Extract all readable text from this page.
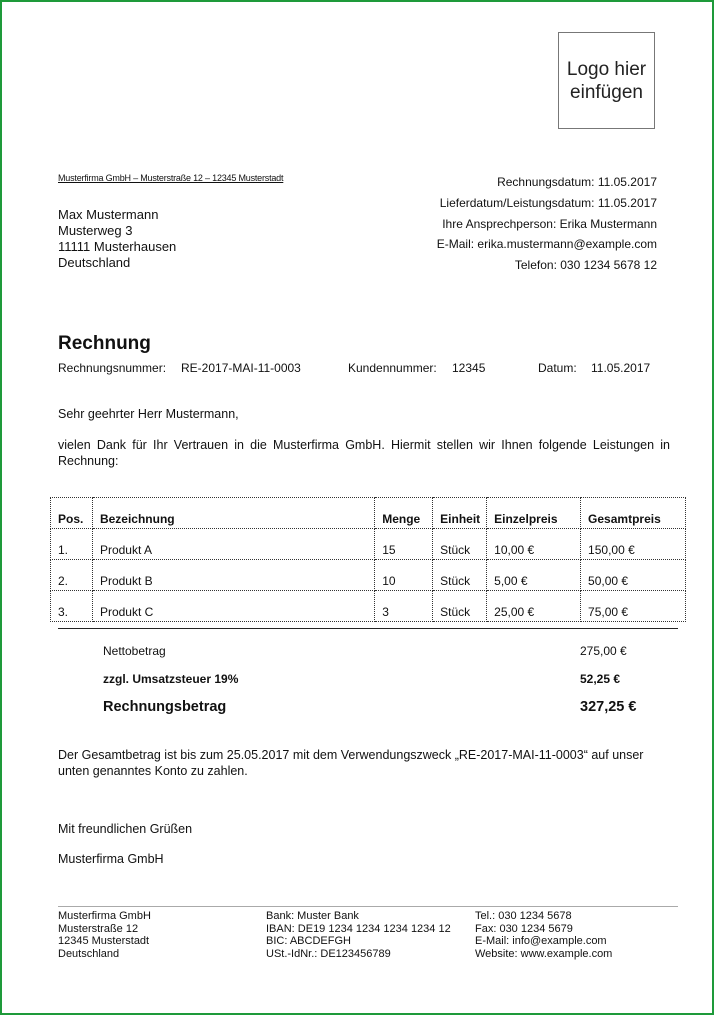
Logo hier einfügen
Musterfirma GmbH – Musterstraße 12 – 12345 Musterstadt
Max Mustermann
Musterweg 3
11111 Musterhausen
Deutschland
Rechnungsdatum: 11.05.2017
Lieferdatum/Leistungsdatum: 11.05.2017
Ihre Ansprechperson: Erika Mustermann
E-Mail: erika.mustermann@example.com
Telefon: 030 1234 5678 12
Rechnung
Rechnungsnummer: RE-2017-MAI-11-0003	Kundennummer: 12345	Datum: 11.05.2017
Sehr geehrter Herr Mustermann,
vielen Dank für Ihr Vertrauen in die Musterfirma GmbH. Hiermit stellen wir Ihnen folgende Leistungen in Rechnung:
Pos.	Bezeichnung	Menge	Einheit	Einzelpreis	Gesamtpreis
1.	Produkt A	15	Stück	10,00 €	150,00 €
2.	Produkt B	10	Stück	5,00 €	50,00 €
3.	Produkt C	3	Stück	25,00 €	75,00 €
Nettobetrag	275,00 €
zzgl. Umsatzsteuer 19%	52,25 €
Rechnungsbetrag	327,25 €
Der Gesamtbetrag ist bis zum 25.05.2017 mit dem Verwendungszweck „RE-2017-MAI-11-0003“ auf unser unten genanntes Konto zu zahlen.
Mit freundlichen Grüßen
Musterfirma GmbH
Musterfirma GmbH
Musterstraße 12
12345 Musterstadt
Deutschland
Bank: Muster Bank
IBAN: DE19 1234 1234 1234 1234 12
BIC: ABCDEFGH
USt.-IdNr.: DE123456789
Tel.: 030 1234 5678
Fax: 030 1234 5679
E-Mail: info@example.com
Website: www.example.com
